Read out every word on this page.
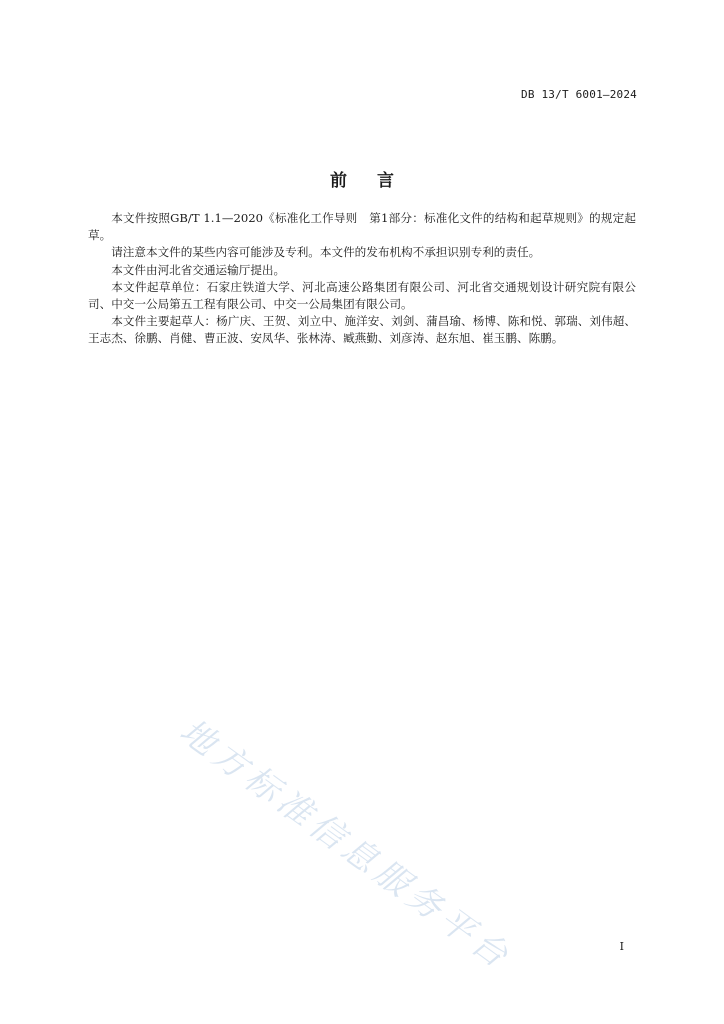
DB 13/T 6001—2024
前言

本文件按照GB/T 1.1—2020《标准化工作导则　第1部分：标准化文件的结构和起草规则》的规定起草。

请注意本文件的某些内容可能涉及专利。本文件的发布机构不承担识别专利的责任。

本文件由河北省交通运输厅提出。

本文件起草单位：石家庄铁道大学、河北高速公路集团有限公司、河北省交通规划设计研究院有限公司、中交一公局第五工程有限公司、中交一公局集团有限公司。

本文件主要起草人：杨广庆、王贺、刘立中、施洋安、刘剑、蒲昌瑜、杨博、陈和悦、郭瑞、刘伟超、王志杰、徐鹏、肖健、曹正波、安凤华、张林涛、臧燕勤、刘彦涛、赵东旭、崔玉鹏、陈鹏。

地方标准信息服务平台	I
